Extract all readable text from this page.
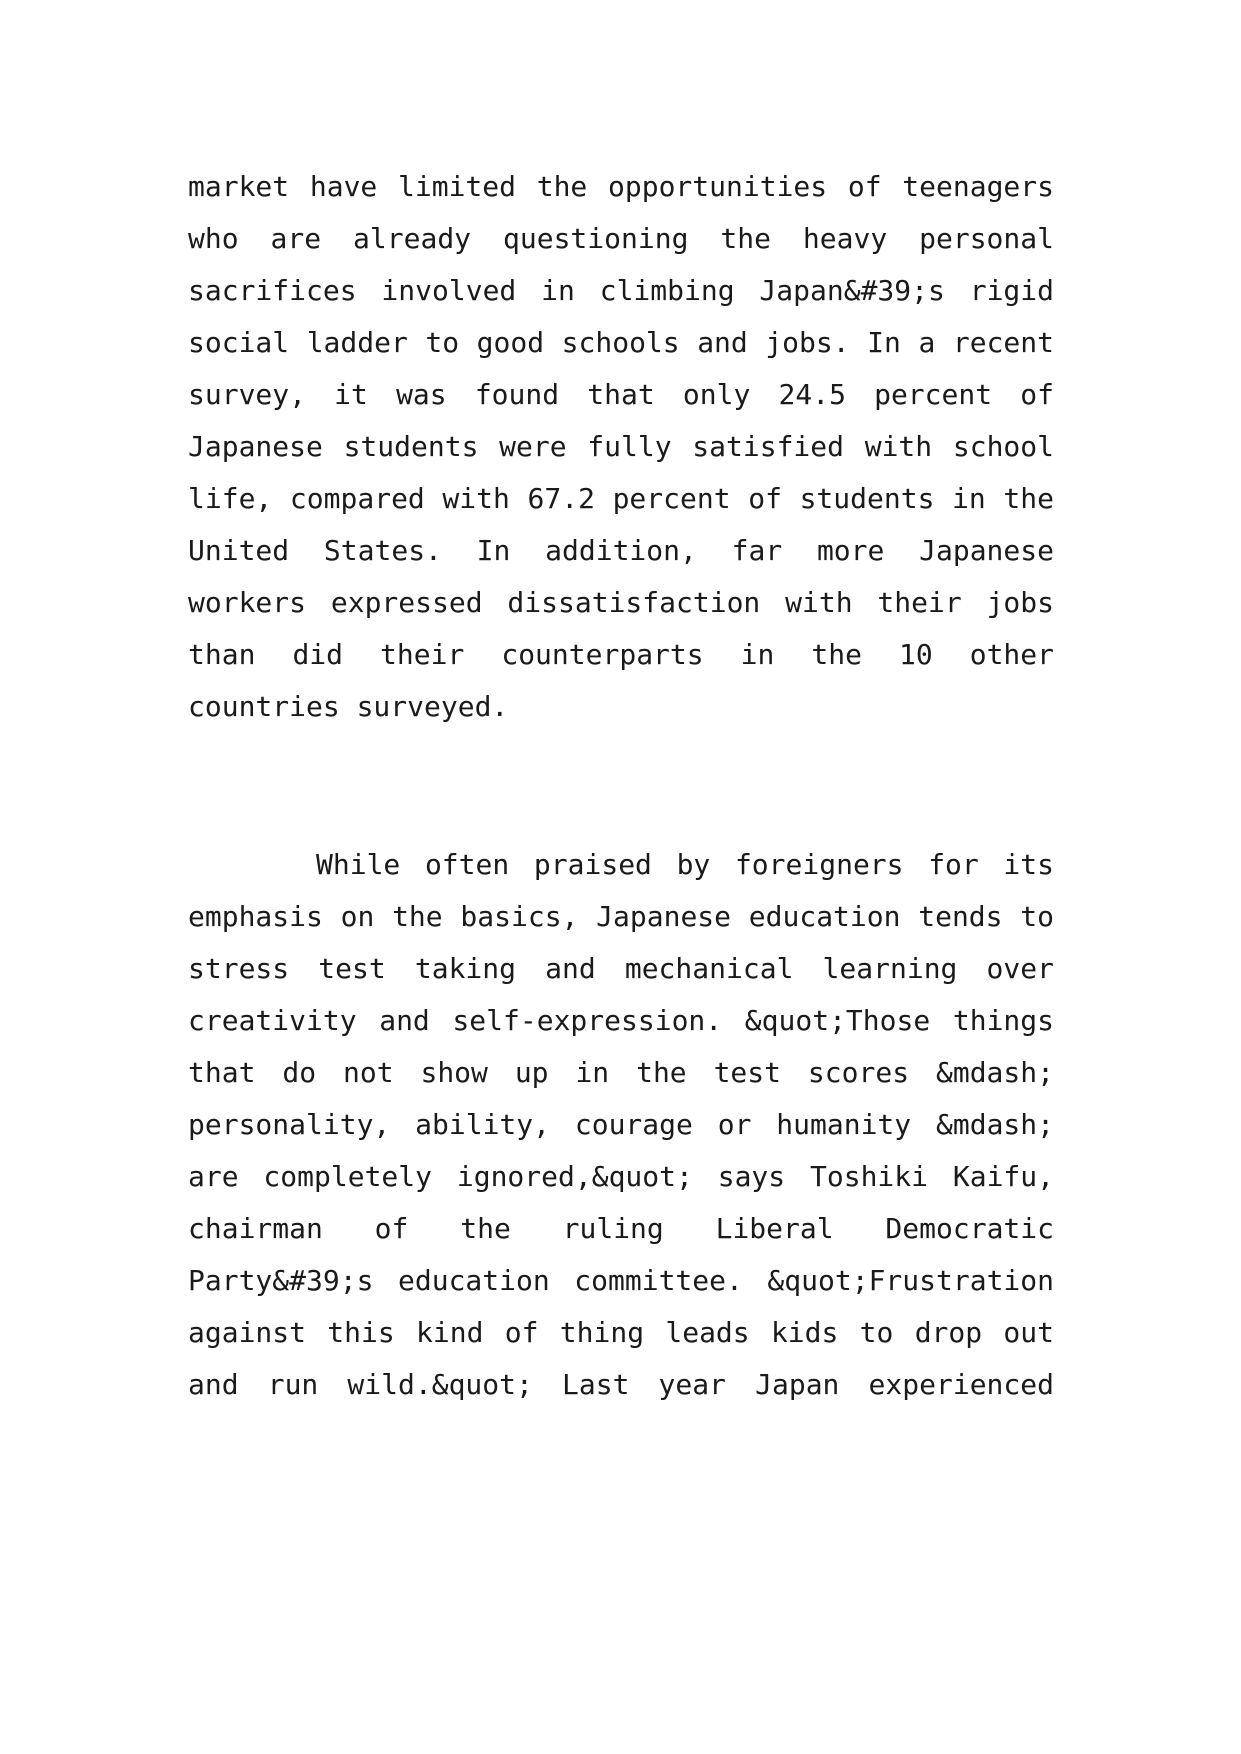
market have limited the opportunities of teenagers
who are already questioning the heavy personal
sacrifices involved in climbing Japan&#39;s rigid
social ladder to good schools and jobs. In a recent
survey, it was found that only 24.5 percent of
Japanese students were fully satisfied with school
life, compared with 67.2 percent of students in the
United States. In addition, far more Japanese
workers expressed dissatisfaction with their jobs
than did their counterparts in the 10 other
countries surveyed.
While often praised by foreigners for its
emphasis on the basics, Japanese education tends to
stress test taking and mechanical learning over
creativity and self-expression. &quot;Those things
that do not show up in the test scores &mdash;
personality, ability, courage or humanity &mdash;
are completely ignored,&quot; says Toshiki Kaifu,
chairman of the ruling Liberal Democratic
Party&#39;s education committee. &quot;Frustration
against this kind of thing leads kids to drop out
and run wild.&quot; Last year Japan experienced
